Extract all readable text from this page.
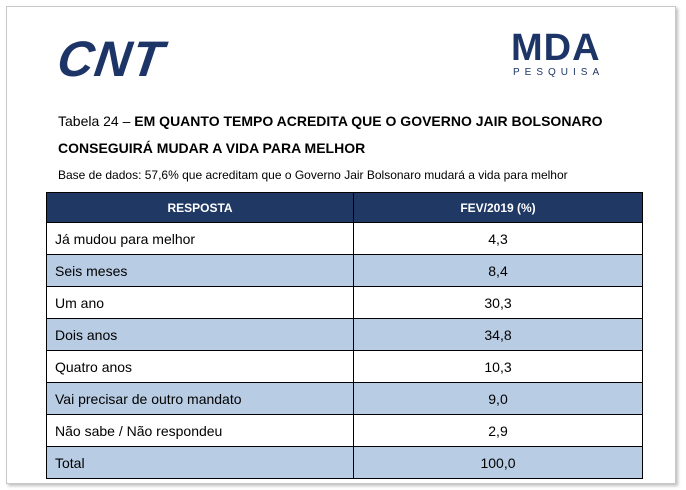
CNT	MDA
PESQUISA
Tabela 24 – EM QUANTO TEMPO ACREDITA QUE O GOVERNO JAIR BOLSONARO
CONSEGUIRÁ MUDAR A VIDA PARA MELHOR
Base de dados: 57,6% que acreditam que o Governo Jair Bolsonaro mudará a vida para melhor
RESPOSTA	FEV/2019 (%)
Já mudou para melhor	4,3
Seis meses	8,4
Um ano	30,3
Dois anos	34,8
Quatro anos	10,3
Vai precisar de outro mandato	9,0
Não sabe / Não respondeu	2,9
Total	100,0
